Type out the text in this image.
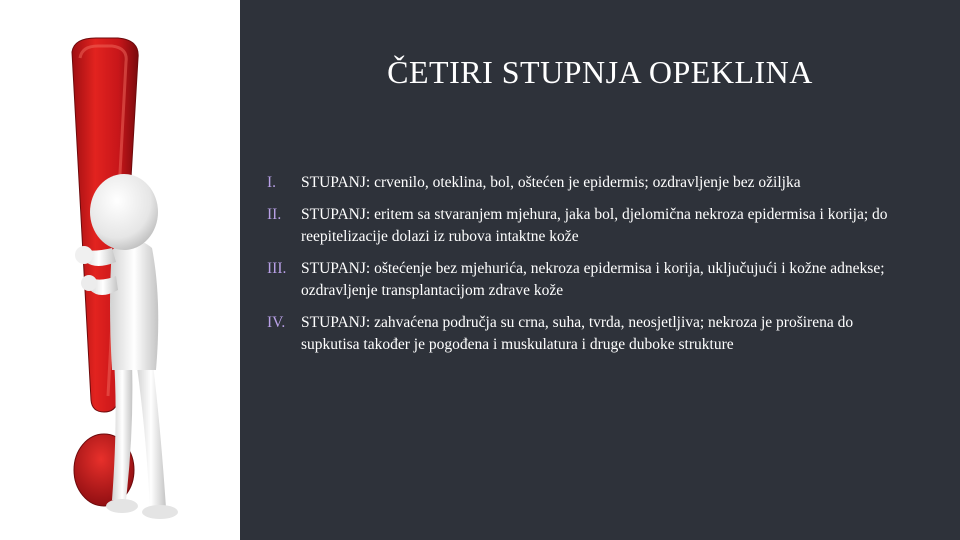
ČETIRI STUPNJA OPEKLINA
I.	STUPANJ: crvenilo, oteklina, bol, oštećen je epidermis; ozdravljenje bez ožiljka
II.	STUPANJ: eritem sa stvaranjem mjehura, jaka bol, djelomična nekroza epidermisa i korija; do reepitelizacije dolazi iz rubova intaktne kože
III. STUPANJ: oštećenje bez mjehurića, nekroza epidermisa i korija, uključujući i kožne adnekse; ozdravljenje transplantacijom zdrave kože
IV.	STUPANJ: zahvaćena područja su crna, suha, tvrda, neosjetljiva; nekroza je proširena do supkutisa također je pogođena i muskulatura i druge duboke strukture
